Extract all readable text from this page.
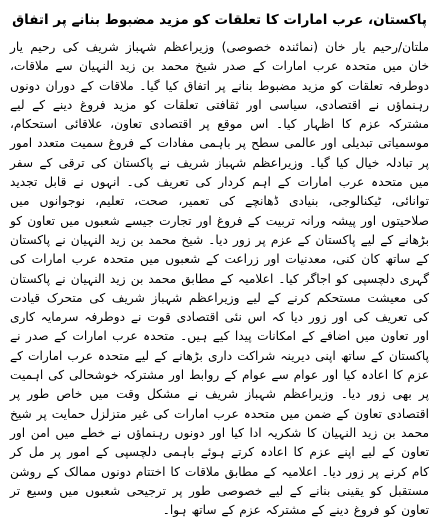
پاکستان، عرب امارات کا تعلقات کو مزید مضبوط بنانے پر اتفاق

ملتان/رحیم یار خان (نمائندہ خصوصی) وزیراعظم شہباز شریف کی رحیم یار خان میں متحدہ عرب امارات کے صدر شیخ محمد بن زید النہیان سے ملاقات، دوطرفہ تعلقات کو مزید مضبوط بنانے پر اتفاق کیا گیا۔ ملاقات کے دوران دونوں رہنماؤں نے اقتصادی، سیاسی اور ثقافتی تعلقات کو مزید فروغ دینے کے لیے مشترکہ عزم کا اظہار کیا۔ اس موقع پر اقتصادی تعاون، علاقائی استحکام، موسمیاتی تبدیلی اور عالمی سطح پر باہمی مفادات کے فروغ سمیت متعدد امور پر تبادلہ خیال کیا گیا۔ وزیراعظم شہباز شریف نے پاکستان کی ترقی کے سفر میں متحدہ عرب امارات کے اہم کردار کی تعریف کی۔ انہوں نے قابل تجدید توانائی، ٹیکنالوجی، بنیادی ڈھانچے کی تعمیر، صحت، تعلیم، نوجوانوں میں صلاحیتوں اور پیشہ ورانہ تربیت کے فروغ اور تجارت جیسے شعبوں میں تعاون کو بڑھانے کے لیے پاکستان کے عزم پر زور دیا۔ شیخ محمد بن زید النہیان نے پاکستان کے ساتھ کان کنی، معدنیات اور زراعت کے شعبوں میں متحدہ عرب امارات کی گہری دلچسپی کو اجاگر کیا۔ اعلامیہ کے مطابق محمد بن زید النہیان نے پاکستان کی معیشت مستحکم کرنے کے لیے وزیراعظم شہباز شریف کی متحرک قیادت کی تعریف کی اور زور دیا کہ اس نئی اقتصادی قوت نے دوطرفہ سرمایہ کاری اور تعاون میں اضافے کے امکانات پیدا کیے ہیں۔ متحدہ عرب امارات کے صدر نے پاکستان کے ساتھ اپنی دیرینہ شراکت داری بڑھانے کے لیے متحدہ عرب امارات کے عزم کا اعادہ کیا اور عوام سے عوام کے روابط اور مشترکہ خوشحالی کی اہمیت پر بھی زور دیا۔ وزیراعظم شہباز شریف نے مشکل وقت میں خاص طور پر اقتصادی تعاون کے ضمن میں متحدہ عرب امارات کی غیر متزلزل حمایت پر شیخ محمد بن زید النہیان کا شکریہ ادا کیا اور دونوں رہنماؤں نے خطے میں امن اور تعاون کے لیے اپنے عزم کا اعادہ کرتے ہوئے باہمی دلچسپی کے امور پر مل کر کام کرنے پر زور دیا۔ اعلامیہ کے مطابق ملاقات کا اختتام دونوں ممالک کے روشن مستقبل کو یقینی بنانے کے لیے خصوصی طور پر ترجیحی شعبوں میں وسیع تر تعاون کو فروغ دینے کے مشترکہ عزم کے ساتھ ہوا۔
